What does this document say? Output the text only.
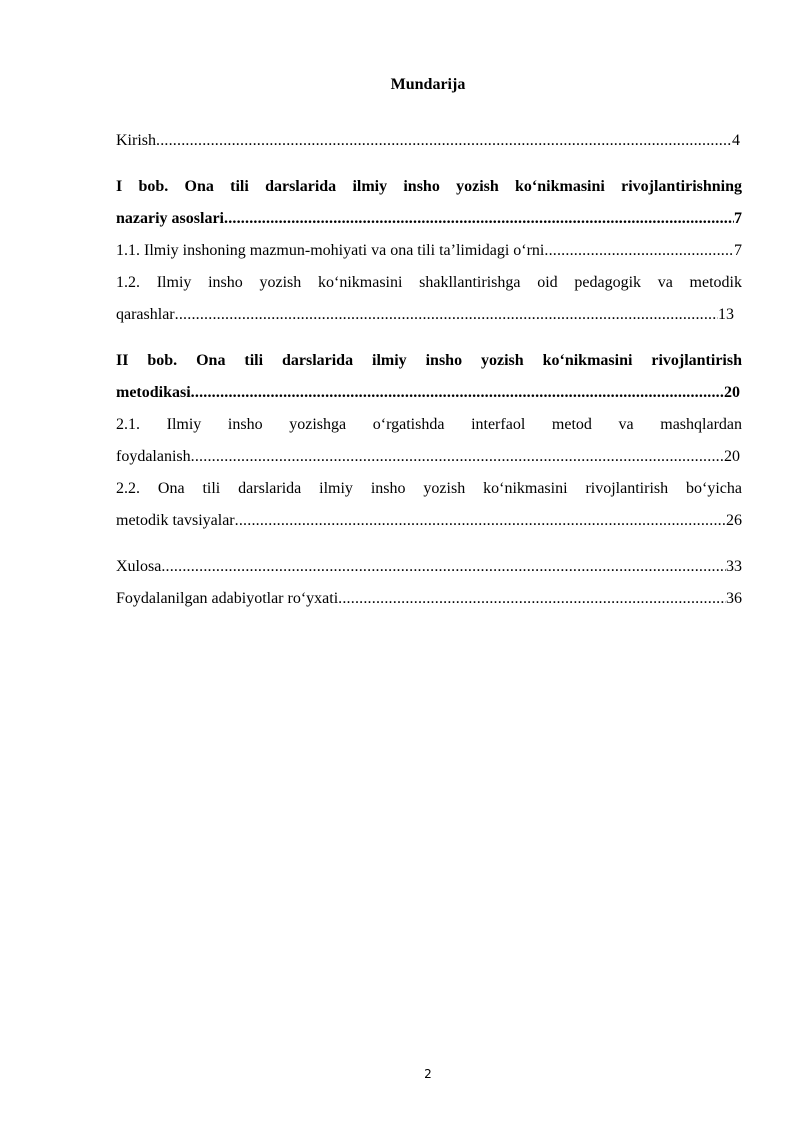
Mundarija
Kirish .....	4
I bob. Ona tili darslarida ilmiy insho yozish ko‘nikmasini rivojlantirishning
nazariy asoslari .....	7
1.1. Ilmiy inshoning mazmun-mohiyati va ona tili ta’limidagi o‘rni .....	7
1.2. Ilmiy insho yozish ko‘nikmasini shakllantirishga oid pedagogik va metodik
qarashlar .....	13
II bob. Ona tili darslarida ilmiy insho yozish ko‘nikmasini rivojlantirish
metodikasi .....	20
2.1. Ilmiy insho yozishga o‘rgatishda interfaol metod va mashqlardan
foydalanish .....	20
2.2. Ona tili darslarida ilmiy insho yozish ko‘nikmasini rivojlantirish bo‘yicha
metodik tavsiyalar .....	26
Xulosa .....	33
Foydalanilgan adabiyotlar ro‘yxati .....	36
2
